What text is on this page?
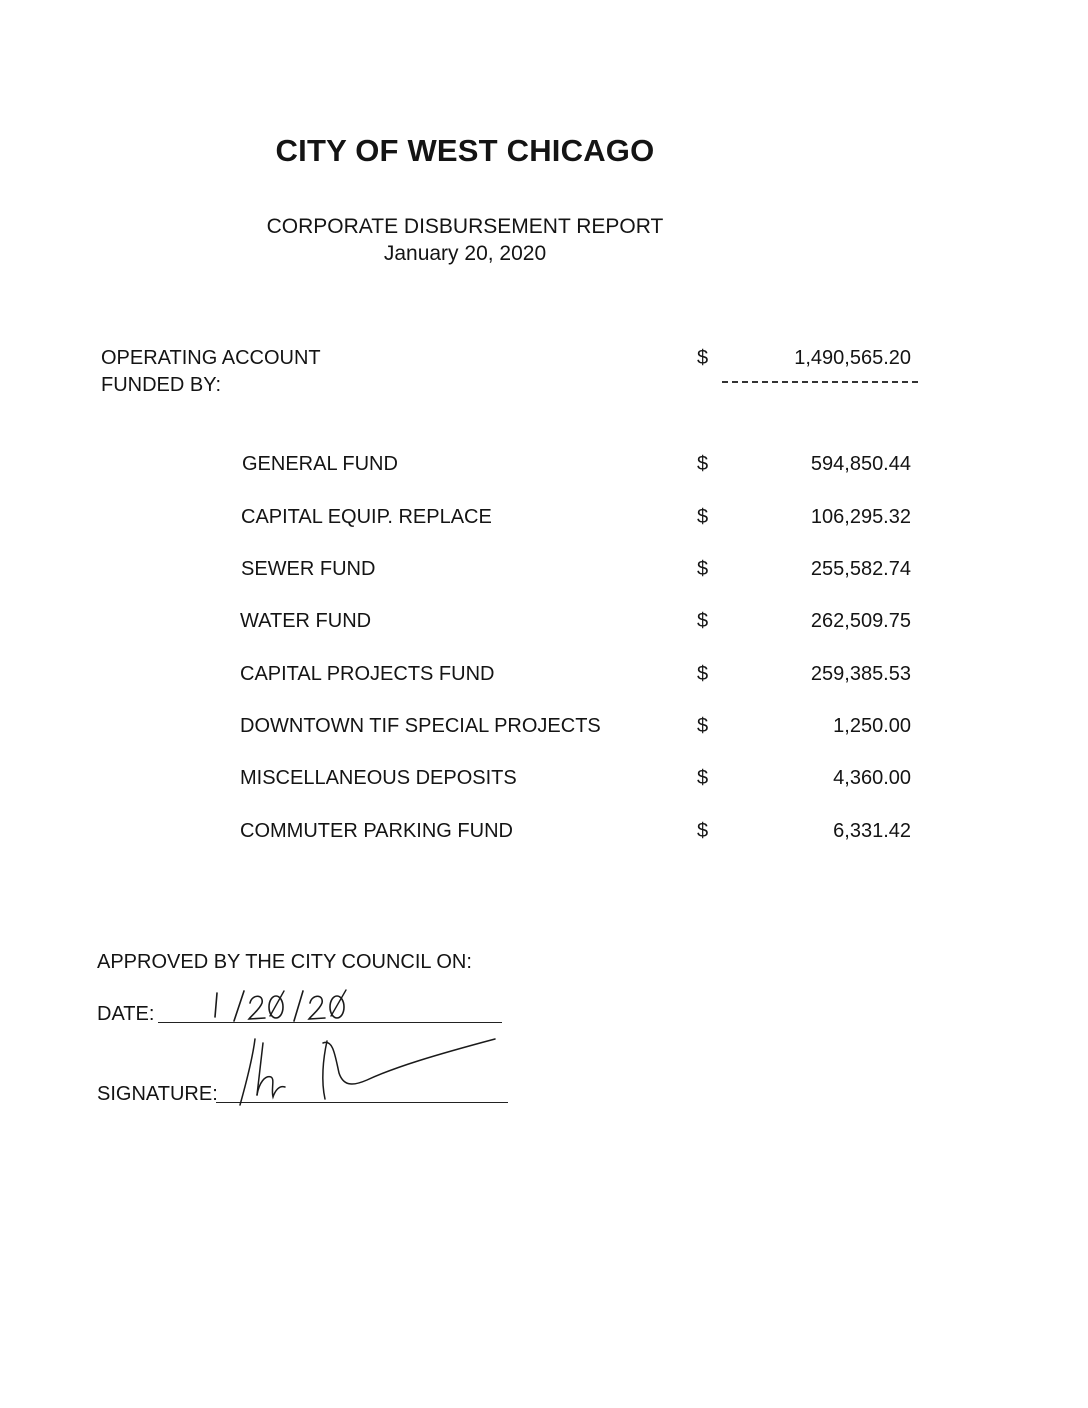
CITY OF WEST CHICAGO
CORPORATE DISBURSEMENT REPORT
January 20, 2020
OPERATING ACCOUNT
FUNDED BY:
$	1,490,565.20
GENERAL FUND	$	594,850.44
CAPITAL EQUIP. REPLACE	$	106,295.32
SEWER FUND	$	255,582.74
WATER FUND	$	262,509.75
CAPITAL PROJECTS FUND	$	259,385.53
DOWNTOWN TIF SPECIAL PROJECTS	$	1,250.00
MISCELLANEOUS DEPOSITS	$	4,360.00
COMMUTER PARKING FUND	$	6,331.42
APPROVED BY THE CITY COUNCIL ON:
DATE:
SIGNATURE:
